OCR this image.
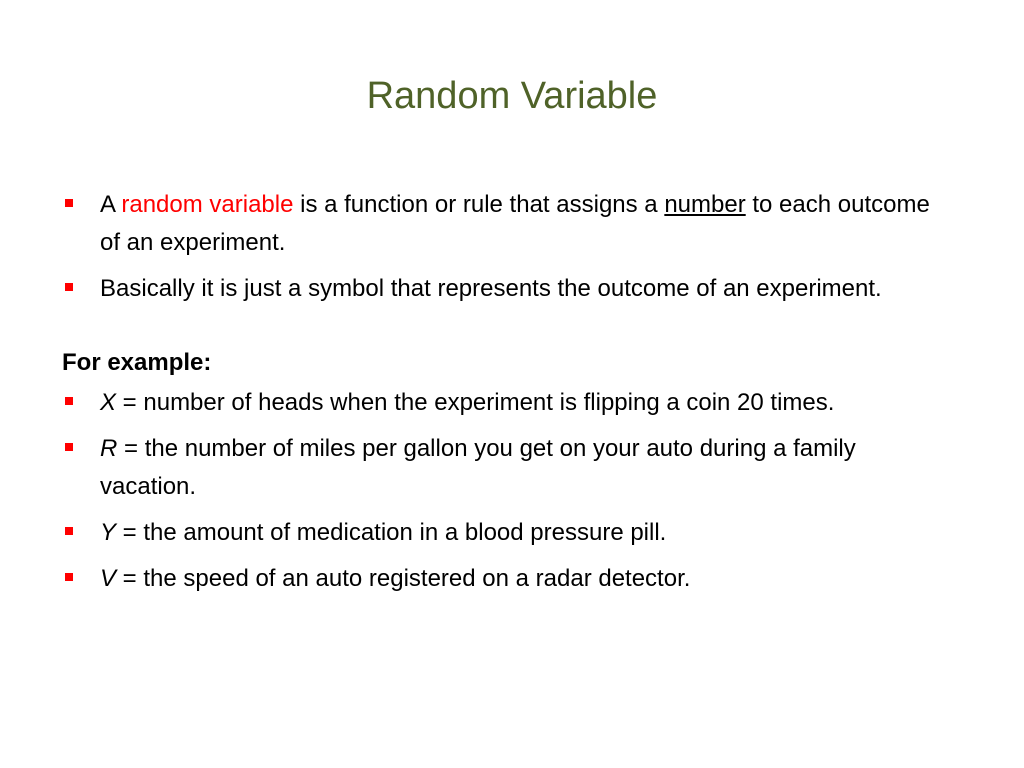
Random Variable
A random variable is a function or rule that assigns a number to each outcome of an experiment.
Basically it is just a symbol that represents the outcome of an experiment.
For example:
X = number of heads when the experiment is flipping a coin 20 times.
R = the number of miles per gallon you get on your auto during a family vacation.
Y = the amount of medication in a blood pressure pill.
V = the speed of an auto registered on a radar detector.
